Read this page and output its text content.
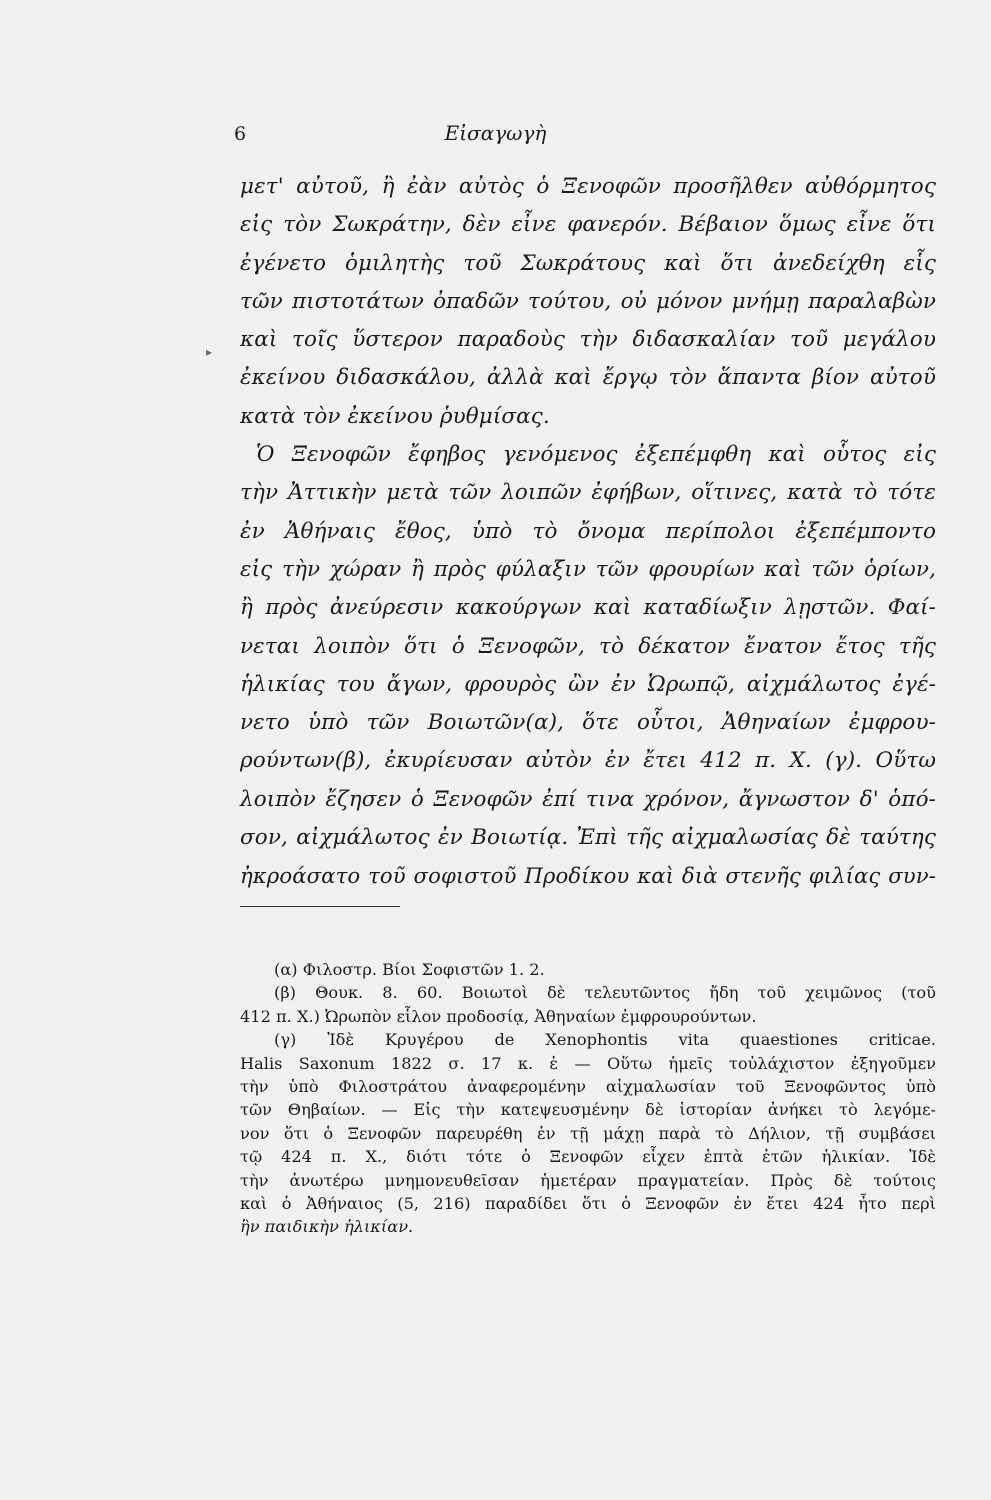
6	Εἰσαγωγὴ
▸
μετ' αὐτοῦ, ἢ ἐὰν αὐτὸς ὁ Ξενοφῶν προσῆλθεν αὐθόρμητος
εἰς τὸν Σωκράτην, δὲν εἶνε φανερόν. Βέβαιον ὅμως εἶνε ὅτι
ἐγένετο ὁμιλητὴς τοῦ Σωκράτους καὶ ὅτι ἀνεδείχθη εἷς
τῶν πιστοτάτων ὀπαδῶν τούτου, οὐ μόνον μνήμῃ παραλαβὼν
καὶ τοῖς ὕστερον παραδοὺς τὴν διδασκαλίαν τοῦ μεγάλου
ἐκείνου διδασκάλου, ἀλλὰ καὶ ἔργῳ τὸν ἅπαντα βίον αὐτοῦ
κατὰ τὸν ἐκείνου ῥυθμίσας.
Ὁ Ξενοφῶν ἔφηβος γενόμενος ἐξεπέμφθη καὶ οὗτος εἰς
τὴν Ἀττικὴν μετὰ τῶν λοιπῶν ἐφήβων, οἵτινες, κατὰ τὸ τότε
ἐν Ἀθήναις ἔθος, ὑπὸ τὸ ὄνομα περίπολοι ἐξεπέμποντο
εἰς τὴν χώραν ἢ πρὸς φύλαξιν τῶν φρουρίων καὶ τῶν ὁρίων,
ἢ πρὸς ἀνεύρεσιν κακούργων καὶ καταδίωξιν λῃστῶν. Φαί-
νεται λοιπὸν ὅτι ὁ Ξενοφῶν, τὸ δέκατον ἔνατον ἔτος τῆς
ἡλικίας του ἄγων, φρουρὸς ὢν ἐν Ὠρωπῷ, αἰχμάλωτος ἐγέ-
νετο ὑπὸ τῶν Βοιωτῶν(α), ὅτε οὗτοι, Ἀθηναίων ἐμφρου-
ρούντων(β), ἐκυρίευσαν αὐτὸν ἐν ἔτει 412 π. Χ. (γ). Οὕτω
λοιπὸν ἔζησεν ὁ Ξενοφῶν ἐπί τινα χρόνον, ἄγνωστον δ' ὁπό-
σον, αἰχμάλωτος ἐν Βοιωτίᾳ. Ἐπὶ τῆς αἰχμαλωσίας δὲ ταύτης
ἠκροάσατο τοῦ σοφιστοῦ Προδίκου καὶ διὰ στενῆς φιλίας συν-
(α) Φιλοστρ. Βίοι Σοφιστῶν 1. 2.
(β) Θουκ. 8. 60. Βοιωτοὶ δὲ τελευτῶντος ἤδη τοῦ χειμῶνος (τοῦ
412 π. Χ.) Ὠρωπὸν εἷλον προδοσίᾳ, Ἀθηναίων ἐμφρουρούντων.
(γ) Ἰδὲ Κρυγέρου de Xenophontis vita quaestiones criticae.
Halis Saxonum 1822 σ. 17 κ. ἑ — Οὕτω ἡμεῖς τοὐλάχιστον ἐξηγοῦμεν
τὴν ὑπὸ Φιλοστράτου ἀναφερομένην αἰχμαλωσίαν τοῦ Ξενοφῶντος ὑπὸ
τῶν Θηβαίων. — Εἰς τὴν κατεψευσμένην δὲ ἱστορίαν ἀνήκει τὸ λεγόμε-
νον ὅτι ὁ Ξενοφῶν παρευρέθη ἐν τῇ μάχῃ παρὰ τὸ Δήλιον, τῇ συμβάσει
τῷ 424 π. Χ., διότι τότε ὁ Ξενοφῶν εἶχεν ἑπτὰ ἐτῶν ἡλικίαν. Ἰδὲ
τὴν ἀνωτέρω μνημονευθεῖσαν ἡμετέραν πραγματείαν. Πρὸς δὲ τούτοις
καὶ ὁ Ἀθήναιος (5, 216) παραδίδει ὅτι ὁ Ξενοφῶν ἐν ἔτει 424 ἦτο περὶ
ἣν παιδικὴν ἡλικίαν.
